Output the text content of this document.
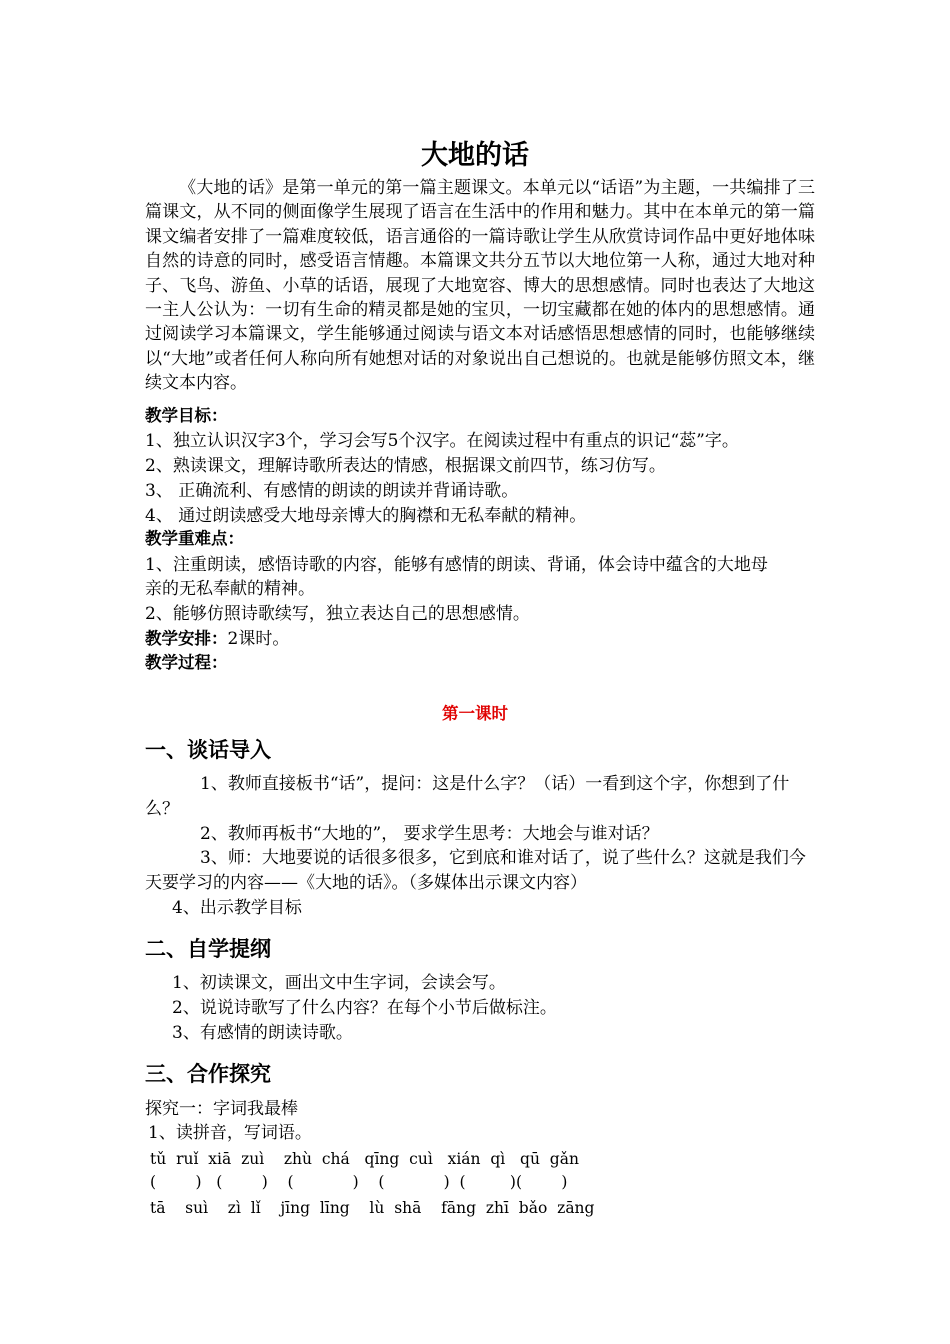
大地的话
《大地的话》是第一单元的第一篇主题课文。本单元以“话语”为主题，一共编排了三篇课文，从不同的侧面像学生展现了语言在生活中的作用和魅力。其中在本单元的第一篇课文编者安排了一篇难度较低，语言通俗的一篇诗歌让学生从欣赏诗词作品中更好地体味自然的诗意的同时，感受语言情趣。本篇课文共分五节以大地位第一人称，通过大地对种子、飞鸟、游鱼、小草的话语，展现了大地宽容、博大的思想感情。同时也表达了大地这一主人公认为：一切有生命的精灵都是她的宝贝，一切宝藏都在她的体内的思想感情。通过阅读学习本篇课文，学生能够通过阅读与语文本对话感悟思想感情的同时，也能够继续以“大地”或者任何人称向所有她想对话的对象说出自己想说的。也就是能够仿照文本，继续文本内容。
教学目标：
1、独立认识汉字3个，学习会写5个汉字。在阅读过程中有重点的识记“蕊”字。
2、熟读课文，理解诗歌所表达的情感，根据课文前四节，练习仿写。
3、 正确流利、有感情的朗读的朗读并背诵诗歌。
4、 通过朗读感受大地母亲博大的胸襟和无私奉献的精神。
教学重难点：
1、注重朗读，感悟诗歌的内容，能够有感情的朗读、背诵，体会诗中蕴含的大地母
亲的无私奉献的精神。
2、能够仿照诗歌续写，独立表达自己的思想感情。
教学安排：2课时。
教学过程：
第一课时
一、谈话导入
1、教师直接板书“话”，提问：这是什么字？（话）一看到这个字，你想到了什么？
2、教师再板书“大地的”， 要求学生思考：大地会与谁对话？
3、师：大地要说的话很多很多，它到底和谁对话了，说了些什么？这就是我们今天要学习的内容——《大地的话》。（多媒体出示课文内容）
4、出示教学目标
二、自学提纲
1、初读课文，画出文中生字词，会读会写。
2、说说诗歌写了什么内容？在每个小节后做标注。
3、有感情的朗读诗歌。
三、合作探究
探究一：字词我最棒
1、读拼音，写词语。
tǔ  ruǐ  xiā  zuì    zhù  chá   qīng  cuì   xián  qì   qū  gǎn
(        )   (        )    (            )    (            )  (         )(        )
tā    suì    zì  lǐ    jīng  līng    lù  shā    fāng  zhī  bǎo  zāng
